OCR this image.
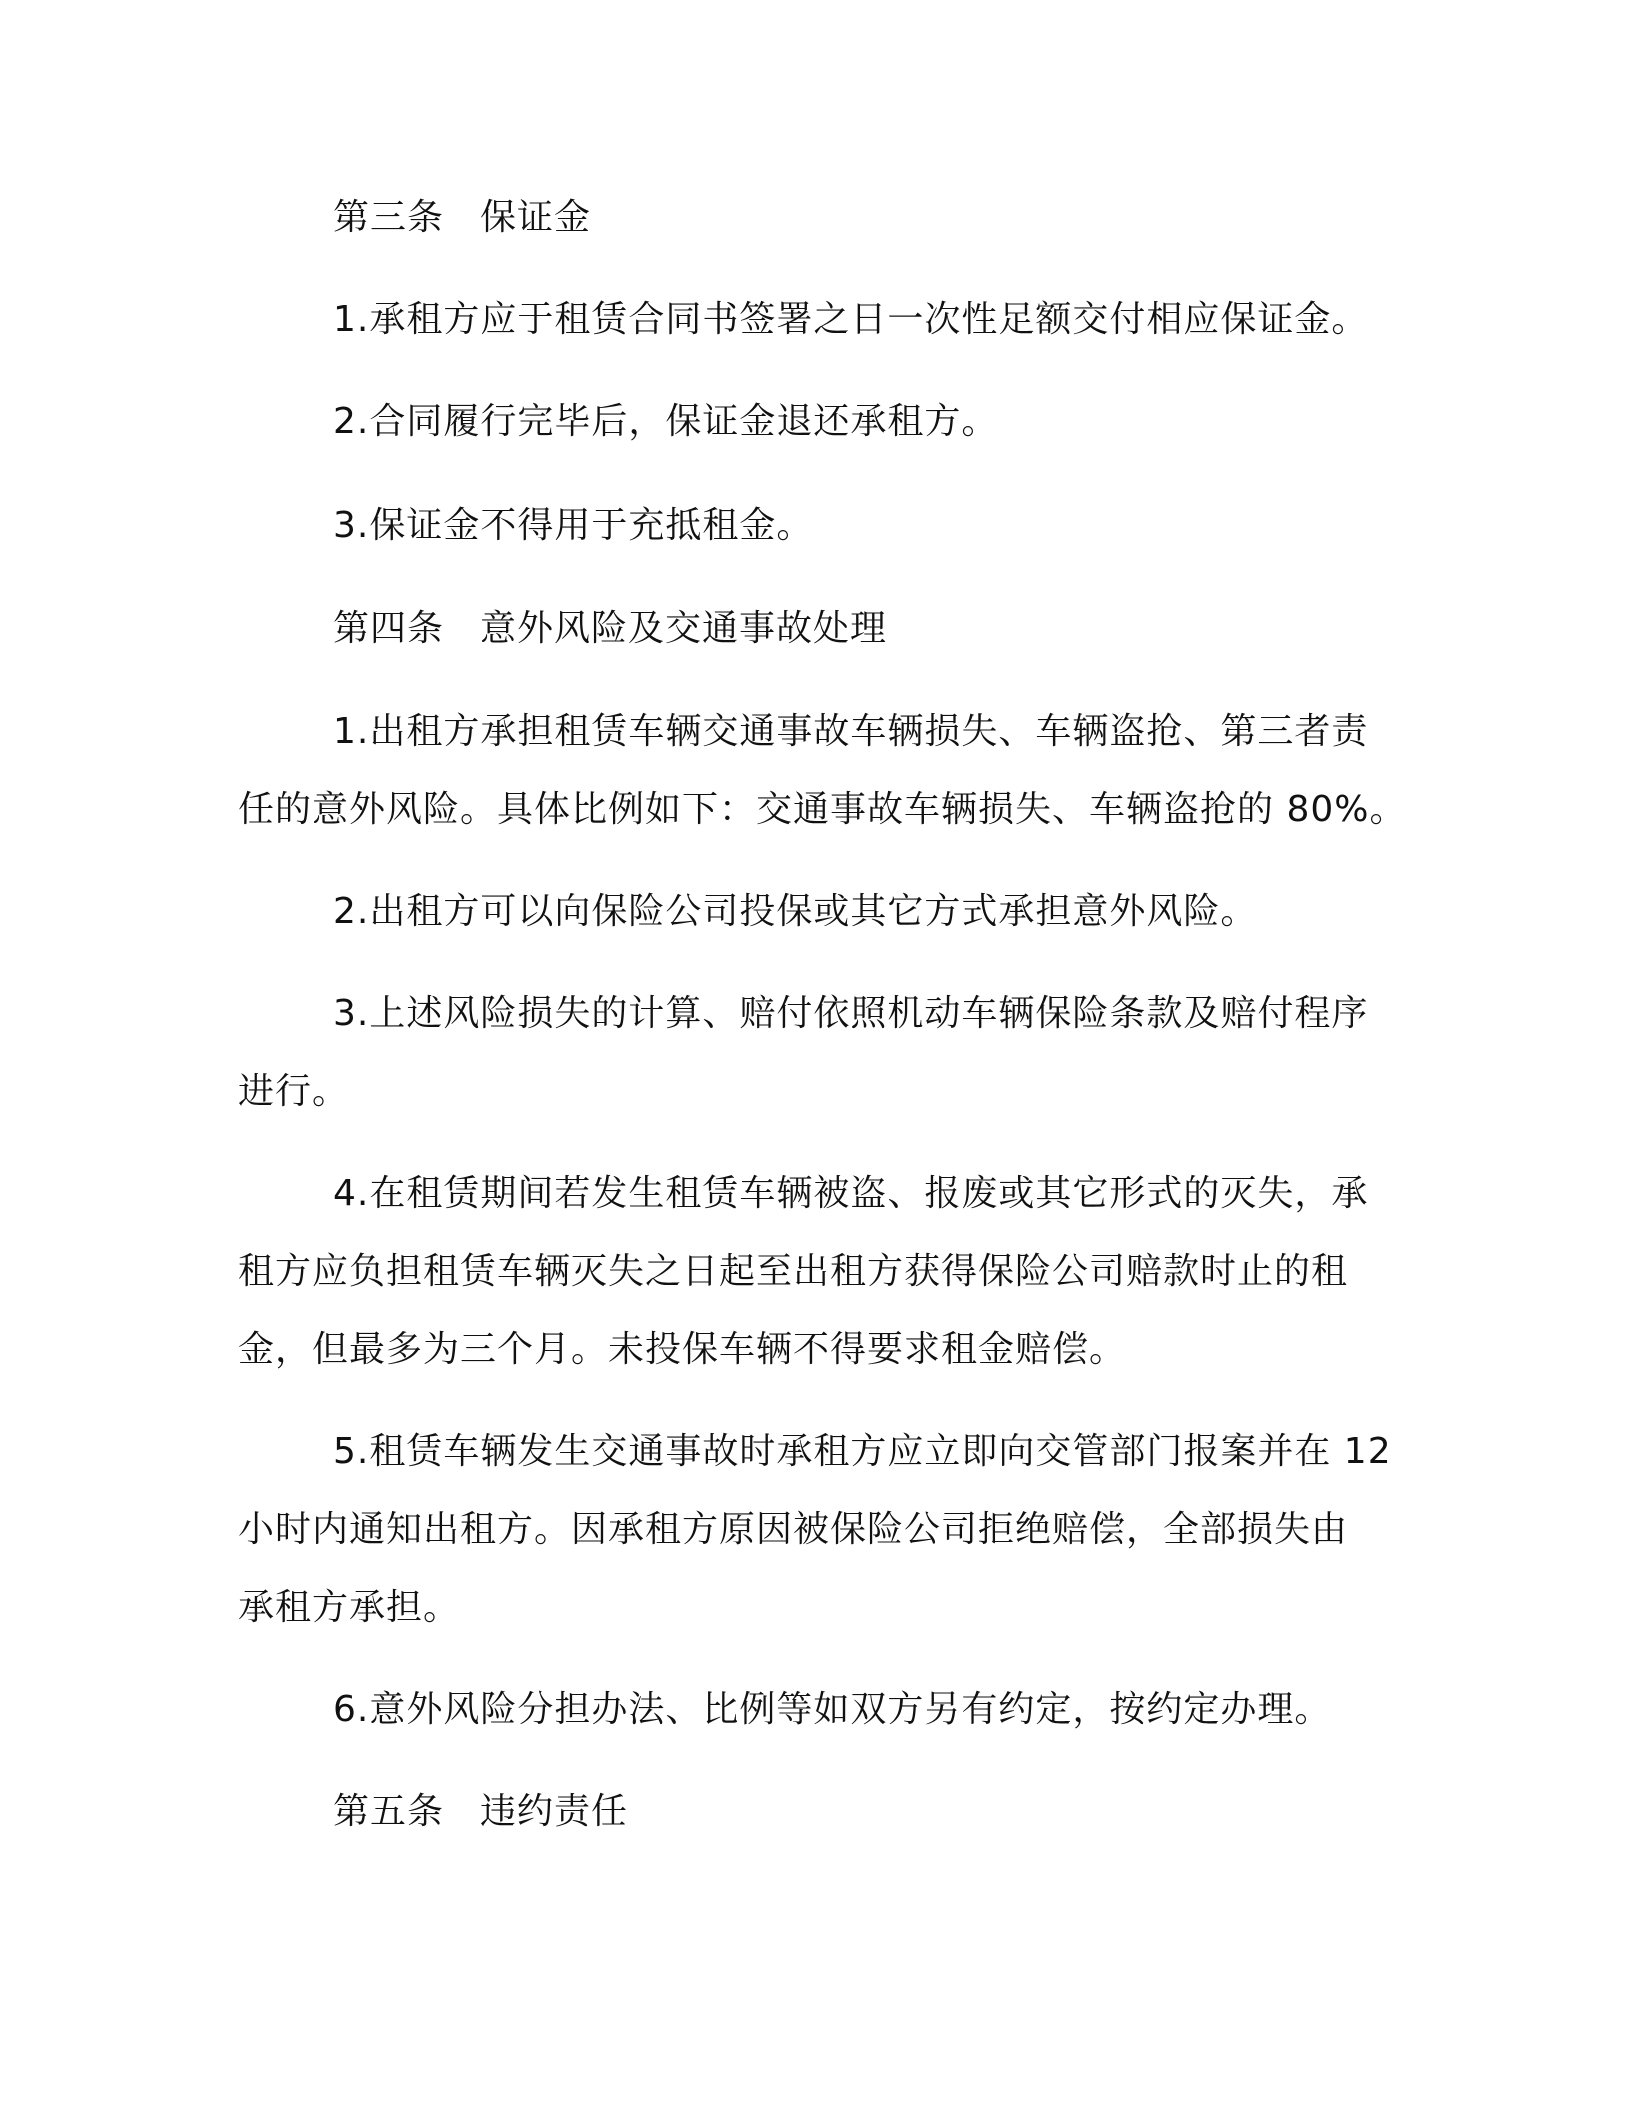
第三条 保证金
1.承租方应于租赁合同书签署之日一次性足额交付相应保证金。
2.合同履行完毕后，保证金退还承租方。
3.保证金不得用于充抵租金。
第四条 意外风险及交通事故处理
1.出租方承担租赁车辆交通事故车辆损失、车辆盗抢、第三者责
任的意外风险。具体比例如下：交通事故车辆损失、车辆盗抢的 80%。
2.出租方可以向保险公司投保或其它方式承担意外风险。
3.上述风险损失的计算、赔付依照机动车辆保险条款及赔付程序
进行。
4.在租赁期间若发生租赁车辆被盗、报废或其它形式的灭失，承
租方应负担租赁车辆灭失之日起至出租方获得保险公司赔款时止的租
金，但最多为三个月。未投保车辆不得要求租金赔偿。
5.租赁车辆发生交通事故时承租方应立即向交管部门报案并在 12
小时内通知出租方。因承租方原因被保险公司拒绝赔偿，全部损失由
承租方承担。
6.意外风险分担办法、比例等如双方另有约定，按约定办理。
第五条 违约责任
